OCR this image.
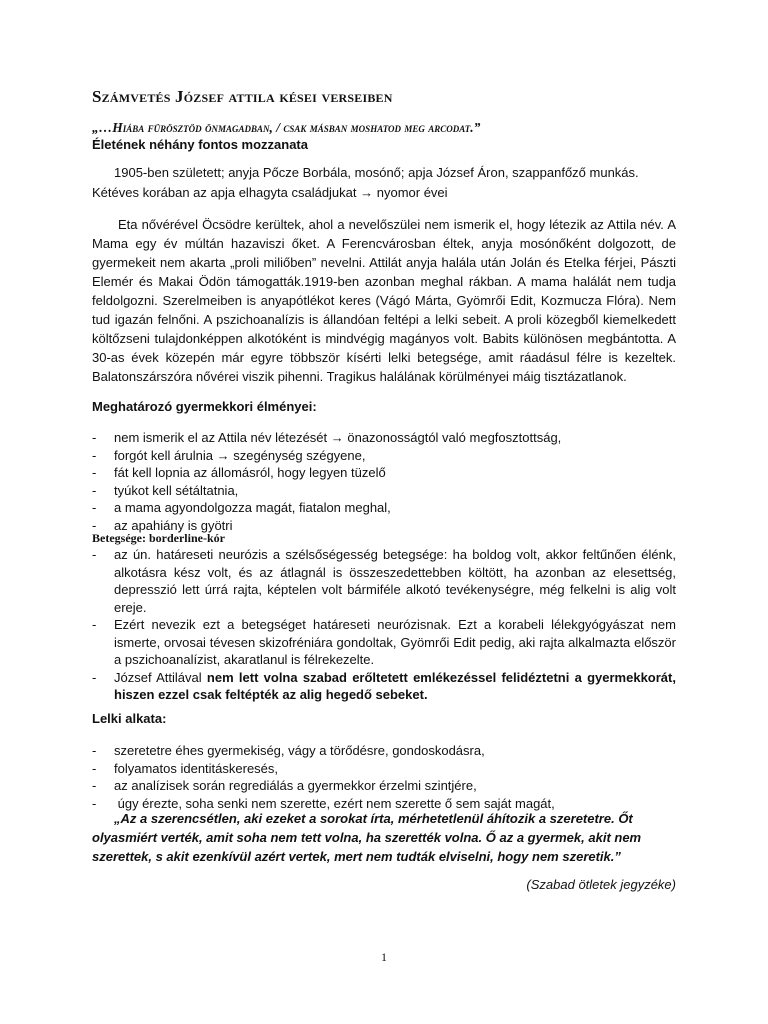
Számvetés József attila kései verseiben
„…Hiába fürösztöd önmagadban, / csak másban moshatod meg arcodat.”
Életének néhány fontos mozzanata
1905-ben született; anyja Pőcze Borbála, mosónő; apja József Áron, szappanfőző munkás.
Kétéves korában az apja elhagyta családjukat → nyomor évei
Eta nővérével Öcsödre kerültek, ahol a nevelőszülei nem ismerik el, hogy létezik az Attila név. A Mama egy év múltán hazaviszi őket. A Ferencvárosban éltek, anyja mosónőként dolgozott, de gyermekeit nem akarta „proli miliőben” nevelni. Attilát anyja halála után Jolán és Etelka férjei, Pászti Elemér és Makai Ödön támogatták.1919-ben azonban meghal rákban. A mama halálát nem tudja feldolgozni. Szerelmeiben is anyapótlékot keres (Vágó Márta, Gyömrői Edit, Kozmucza Flóra). Nem tud igazán felnőni. A pszichoanalízis is állandóan feltépi a lelki sebeit. A proli közegből kiemelkedett költőzseni tulajdonképpen alkotóként is mindvégig magányos volt. Babits különösen megbántotta. A 30-as évek közepén már egyre többször kísérti lelki betegsége, amit ráadásul félre is kezeltek. Balatonszárszóra nővérei viszik pihenni. Tragikus halálának körülményei máig tisztázatlanok.
Meghatározó gyermekkori élményei:
- nem ismerik el az Attila név létezését → önazonosságtól való megfosztottság,
- forgót kell árulnia → szegénység szégyene,
- fát kell lopnia az állomásról, hogy legyen tüzelő
- tyúkot kell sétáltatnia,
- a mama agyondolgozza magát, fiatalon meghal,
- az apahiány is gyötri
Betegsége: borderline-kór
- az ún. határeseti neurózis a szélsőségesség betegsége: ha boldog volt, akkor feltűnően élénk, alkotásra kész volt, és az átlagnál is összeszedettebben költött, ha azonban az elesettség, depresszió lett úrrá rajta, képtelen volt bármiféle alkotó tevékenységre, még felkelni is alig volt ereje.
- Ezért nevezik ezt a betegséget határeseti neurózisnak. Ezt a korabeli lélekgyógyászat nem ismerte, orvosai tévesen skizofréniára gondoltak, Gyömrői Edit pedig, aki rajta alkalmazta először a pszichoanalízist, akaratlanul is félrekezelte.
- József Attilával nem lett volna szabad erőltetett emlékezéssel felidéztetni a gyermekkorát, hiszen ezzel csak feltépték az alig hegedő sebeket.
Lelki alkata:
- szeretetre éhes gyermekiség, vágy a törődésre, gondoskodásra,
- folyamatos identitáskeresés,
- az analízisek során regrediálás a gyermekkor érzelmi szintjére,
-  úgy érezte, soha senki nem szerette, ezért nem szerette ő sem saját magát,
„Az a szerencsétlen, aki ezeket a sorokat írta, mérhetetlenül áhítozik a szeretetre. Őt olyasmiért verték, amit soha nem tett volna, ha szerették volna. Ő az a gyermek, akit nem szerettek, s akit ezenkívül azért vertek, mert nem tudták elviselni, hogy nem szeretik.”
(Szabad ötletek jegyzéke)
1
